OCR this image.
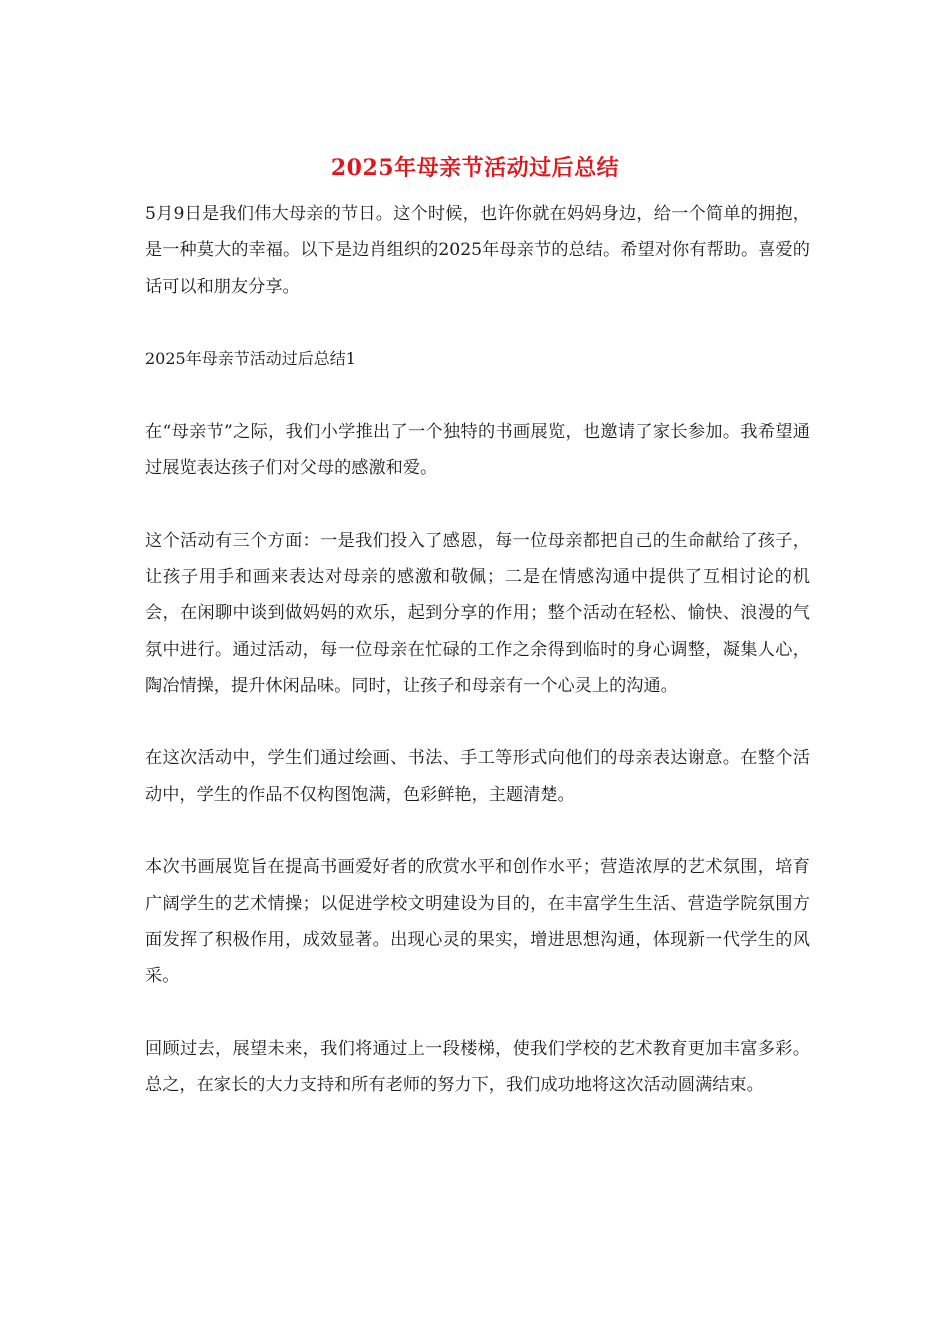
2025年母亲节活动过后总结

5月9日是我们伟大母亲的节日。这个时候，也许你就在妈妈身边，给一个简单的拥抱，是一种莫大的幸福。以下是边肖组织的2025年母亲节的总结。希望对你有帮助。喜爱的话可以和朋友分享。

2025年母亲节活动过后总结1

在“母亲节”之际，我们小学推出了一个独特的书画展览，也邀请了家长参加。我希望通过展览表达孩子们对父母的感激和爱。

这个活动有三个方面：一是我们投入了感恩，每一位母亲都把自己的生命献给了孩子，让孩子用手和画来表达对母亲的感激和敬佩；二是在情感沟通中提供了互相讨论的机会，在闲聊中谈到做妈妈的欢乐，起到分享的作用；整个活动在轻松、愉快、浪漫的气氛中进行。通过活动，每一位母亲在忙碌的工作之余得到临时的身心调整，凝集人心，陶冶情操，提升休闲品味。同时，让孩子和母亲有一个心灵上的沟通。

在这次活动中，学生们通过绘画、书法、手工等形式向他们的母亲表达谢意。在整个活动中，学生的作品不仅构图饱满，色彩鲜艳，主题清楚。

本次书画展览旨在提高书画爱好者的欣赏水平和创作水平；营造浓厚的艺术氛围，培育广阔学生的艺术情操；以促进学校文明建设为目的，在丰富学生生活、营造学院氛围方面发挥了积极作用，成效显著。出现心灵的果实，增进思想沟通，体现新一代学生的风采。

回顾过去，展望未来，我们将通过上一段楼梯，使我们学校的艺术教育更加丰富多彩。总之，在家长的大力支持和所有老师的努力下，我们成功地将这次活动圆满结束。
